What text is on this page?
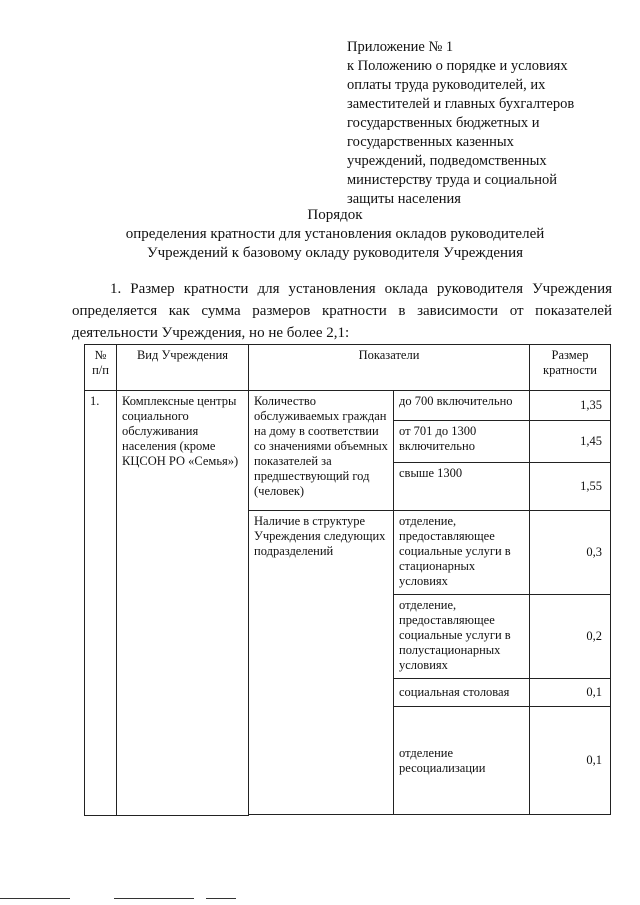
Приложение № 1
к Положению о порядке и условиях
оплаты труда руководителей, их
заместителей и главных бухгалтеров
государственных бюджетных и
государственных казенных
учреждений, подведомственных
министерству труда и социальной
защиты населения
Порядок
определения кратности для установления окладов руководителей
Учреждений к базовому окладу руководителя Учреждения
1. Размер кратности для установления оклада руководителя Учреждения
определяется как сумма размеров кратности в зависимости от показателей
деятельности Учреждения, но не более 2,1:
№
п/п	Вид Учреждения	Показатели		Размер кратности
1.	Комплексные центры социального обслуживания населения (кроме КЦСОН РО «Семья»)	Количество обслуживаемых граждан на дому в соответствии со значениями объемных показателей за предшествующий год (человек)	до 700 включительно	1,35
			от 701 до 1300 включительно	1,45
			свыше 1300	1,55
		Наличие в структуре Учреждения следующих подразделений	отделение, предоставляющее социальные услуги в стационарных условиях	0,3
			отделение, предоставляющее социальные услуги в полустационарных условиях	0,2
			социальная столовая	0,1
			отделение ресоциализации	0,1
